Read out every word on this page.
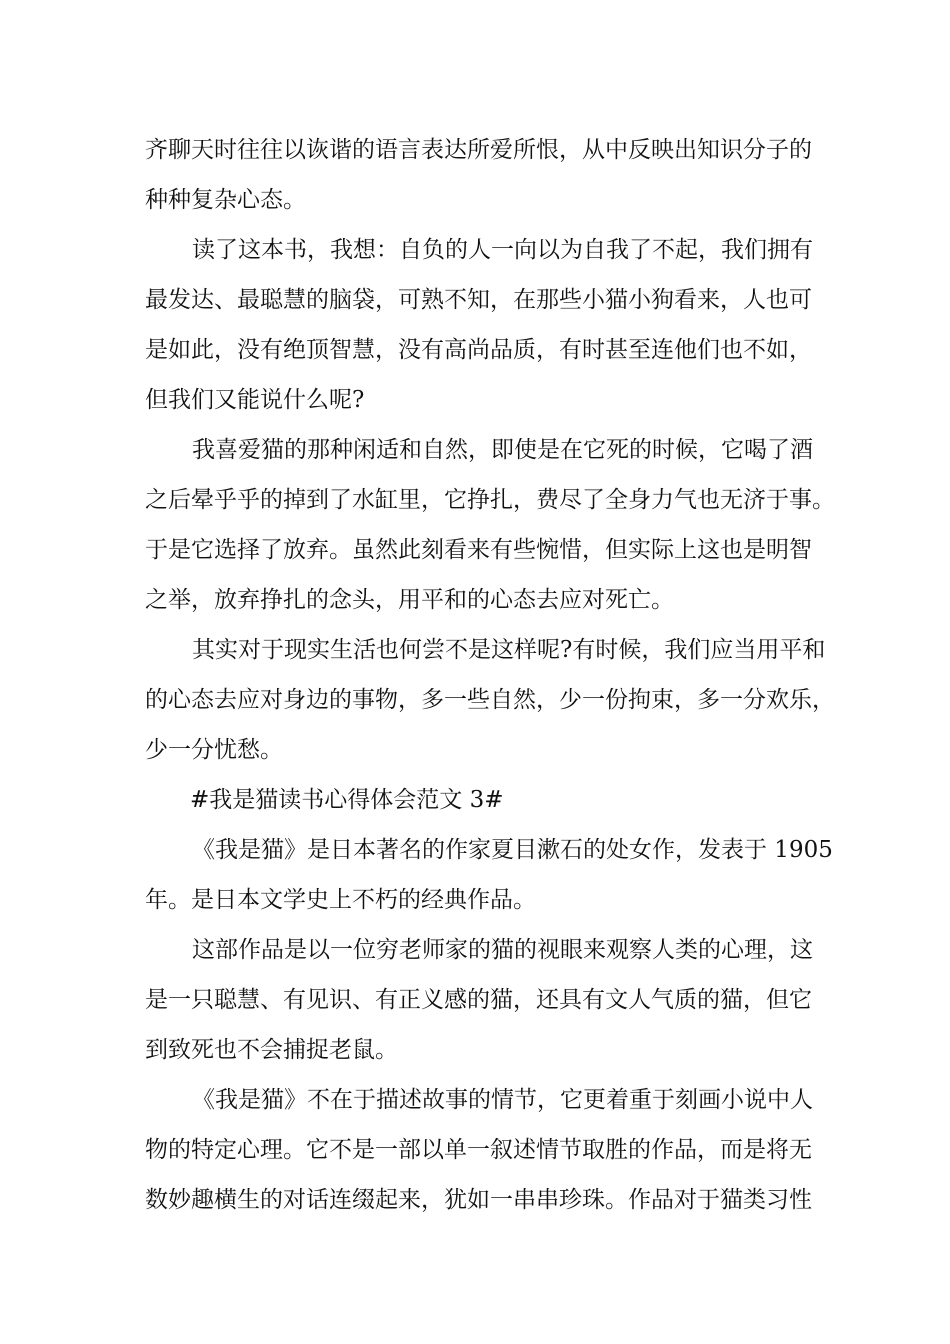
齐聊天时往往以诙谐的语言表达所爱所恨，从中反映出知识分子的
种种复杂心态。
读了这本书，我想：自负的人一向以为自我了不起，我们拥有
最发达、最聪慧的脑袋，可熟不知，在那些小猫小狗看来，人也可
是如此，没有绝顶智慧，没有高尚品质，有时甚至连他们也不如，
但我们又能说什么呢?
我喜爱猫的那种闲适和自然，即使是在它死的时候，它喝了酒
之后晕乎乎的掉到了水缸里，它挣扎，费尽了全身力气也无济于事。
于是它选择了放弃。虽然此刻看来有些惋惜，但实际上这也是明智
之举，放弃挣扎的念头，用平和的心态去应对死亡。
其实对于现实生活也何尝不是这样呢?有时候，我们应当用平和
的心态去应对身边的事物，多一些自然，少一份拘束，多一分欢乐，
少一分忧愁。
#我是猫读书心得体会范文 3#
《我是猫》是日本著名的作家夏目漱石的处女作，发表于 1905
年。是日本文学史上不朽的经典作品。
这部作品是以一位穷老师家的猫的视眼来观察人类的心理，这
是一只聪慧、有见识、有正义感的猫，还具有文人气质的猫，但它
到致死也不会捕捉老鼠。
《我是猫》不在于描述故事的情节，它更着重于刻画小说中人
物的特定心理。它不是一部以单一叙述情节取胜的作品，而是将无
数妙趣横生的对话连缀起来，犹如一串串珍珠。作品对于猫类习性
